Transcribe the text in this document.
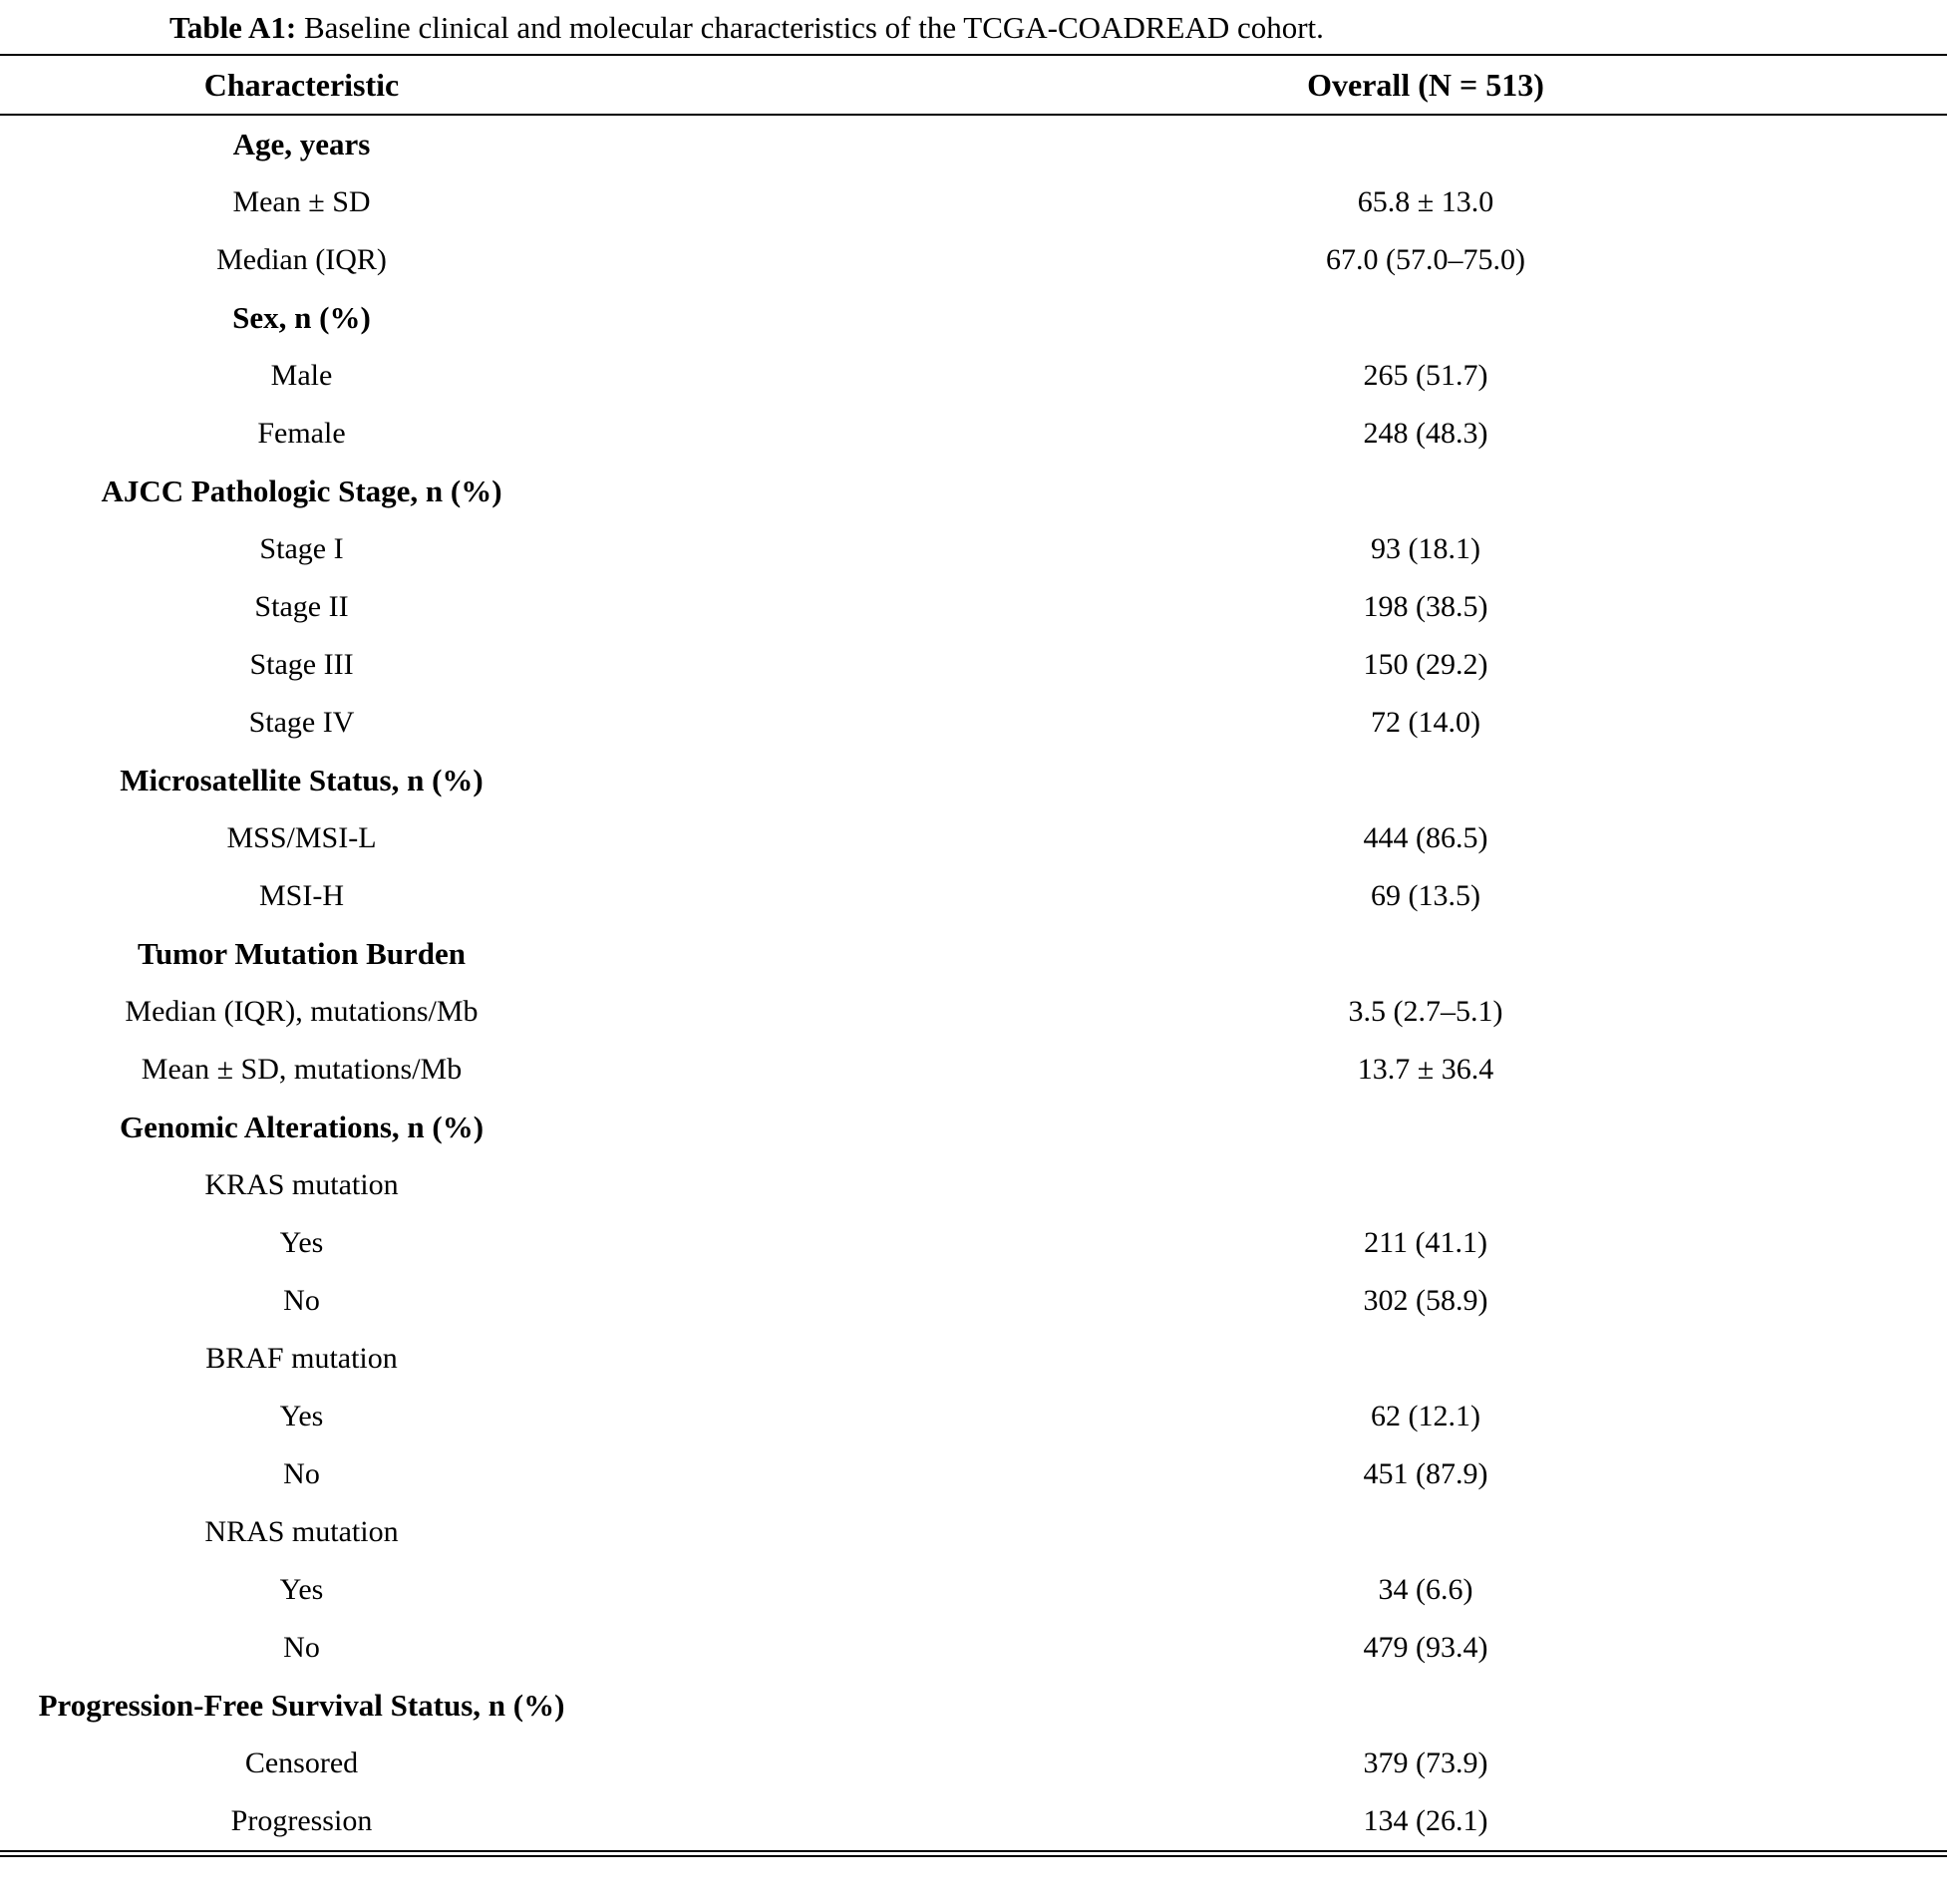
Table A1: Baseline clinical and molecular characteristics of the TCGA-COADREAD cohort.
Characteristic	Overall (N = 513)
Age, years	
Mean ± SD	65.8 ± 13.0
Median (IQR)	67.0 (57.0–75.0)
Sex, n (%)	
Male	265 (51.7)
Female	248 (48.3)
AJCC Pathologic Stage, n (%)	
Stage I	93 (18.1)
Stage II	198 (38.5)
Stage III	150 (29.2)
Stage IV	72 (14.0)
Microsatellite Status, n (%)	
MSS/MSI-L	444 (86.5)
MSI-H	69 (13.5)
Tumor Mutation Burden	
Median (IQR), mutations/Mb	3.5 (2.7–5.1)
Mean ± SD, mutations/Mb	13.7 ± 36.4
Genomic Alterations, n (%)	
KRAS mutation	
Yes	211 (41.1)
No	302 (58.9)
BRAF mutation	
Yes	62 (12.1)
No	451 (87.9)
NRAS mutation	
Yes	34 (6.6)
No	479 (93.4)
Progression-Free Survival Status, n (%)	
Censored	379 (73.9)
Progression	134 (26.1)
